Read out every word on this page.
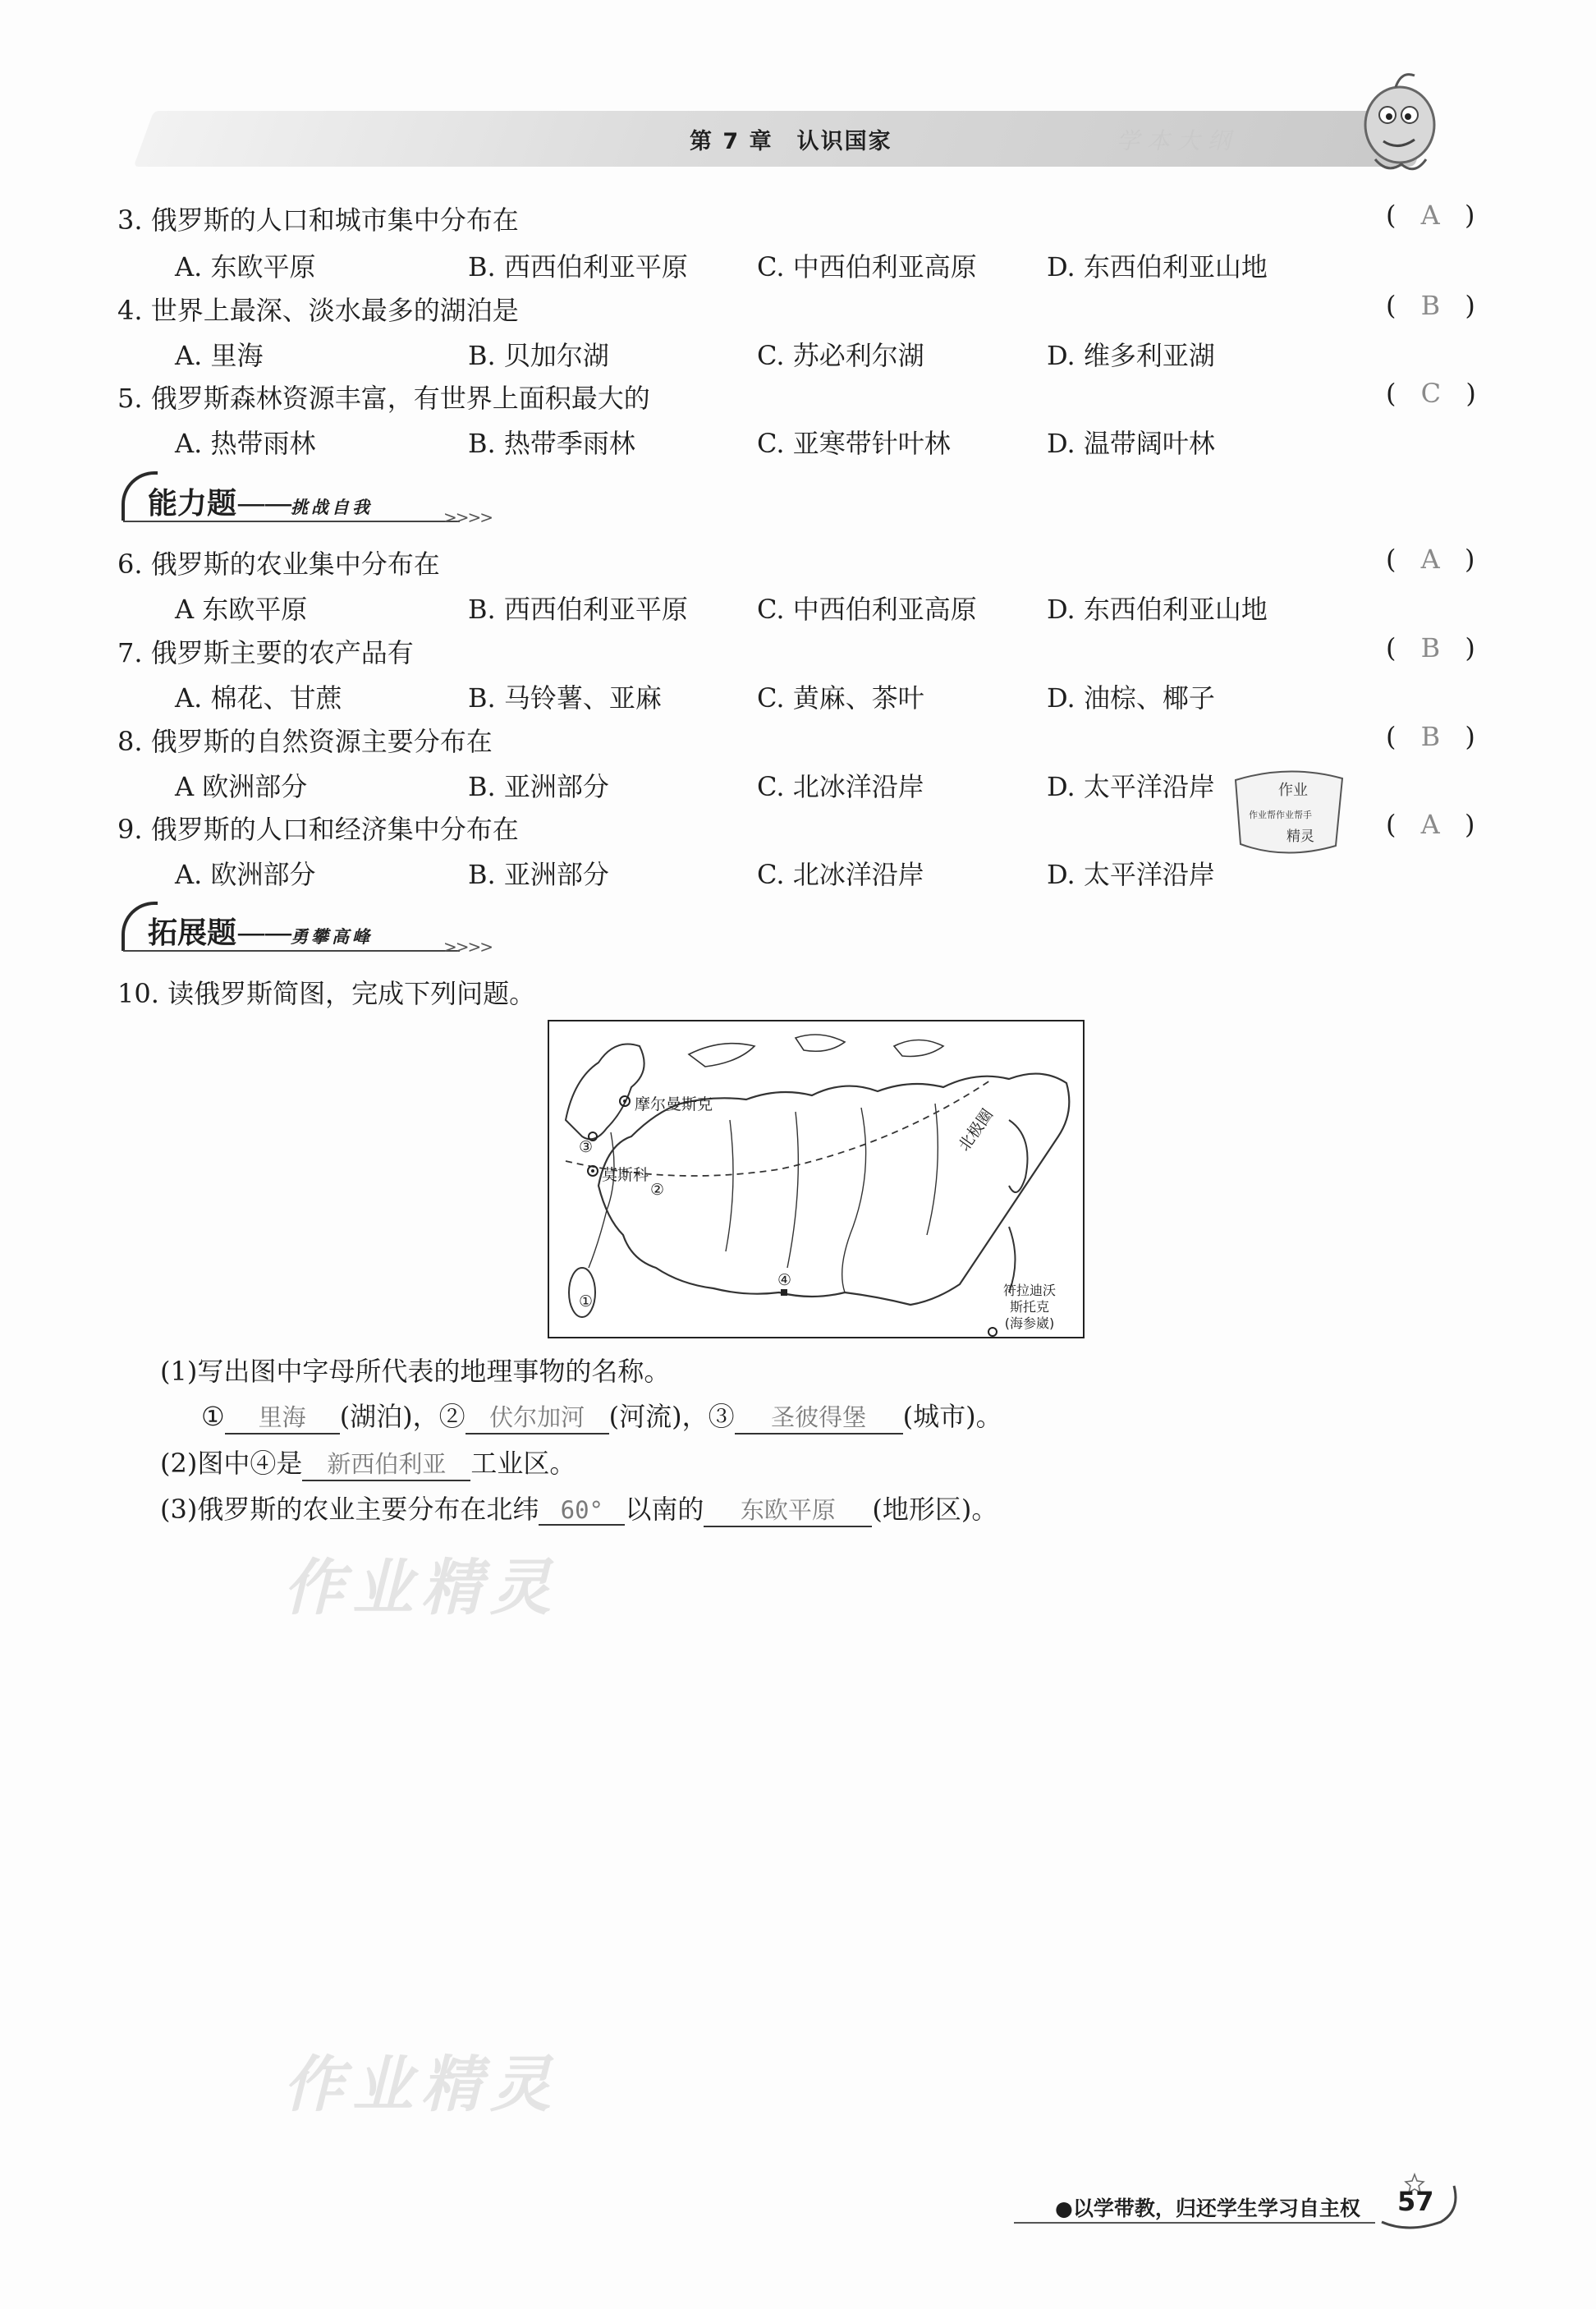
第 7 章　认识国家	学 本 大 纲
3. 俄罗斯的人口和城市集中分布在	( A )
A. 东欧平原	B. 西西伯利亚平原	C. 中西伯利亚高原	D. 东西伯利亚山地
4. 世界上最深、淡水最多的湖泊是	( B )
A. 里海	B. 贝加尔湖	C. 苏必利尔湖	D. 维多利亚湖
5. 俄罗斯森林资源丰富，有世界上面积最大的	( C )
A. 热带雨林	B. 热带季雨林	C. 亚寒带针叶林	D. 温带阔叶林
能力题——挑战自我	>>>>
6. 俄罗斯的农业集中分布在	( A )
A 东欧平原	B. 西西伯利亚平原	C. 中西伯利亚高原	D. 东西伯利亚山地
7. 俄罗斯主要的农产品有	( B )
A. 棉花、甘蔗	B. 马铃薯、亚麻	C. 黄麻、茶叶	D. 油棕、椰子
8. 俄罗斯的自然资源主要分布在	( B )
A 欧洲部分	B. 亚洲部分	C. 北冰洋沿岸	D. 太平洋沿岸	作业
作业帮作业帮手
精灵
9. 俄罗斯的人口和经济集中分布在	( A )
A. 欧洲部分	B. 亚洲部分	C. 北冰洋沿岸	D. 太平洋沿岸
拓展题——勇攀高峰	>>>>
10. 读俄罗斯简图，完成下列问题。
摩尔曼斯克
莫斯科
北极圈
③
②
④
①
符拉迪沃
斯托克
(海参崴)
(1)写出图中字母所代表的地理事物的名称。
① 里海 (湖泊)，② 伏尔加河 (河流)，③ 圣彼得堡 (城市)。
(2)图中④是 新西伯利亚 工业区。
(3)俄罗斯的农业主要分布在北纬 60° 以南的 东欧平原 (地形区)。
作业精灵
作业精灵
●以学带教，归还学生学习自主权 57
